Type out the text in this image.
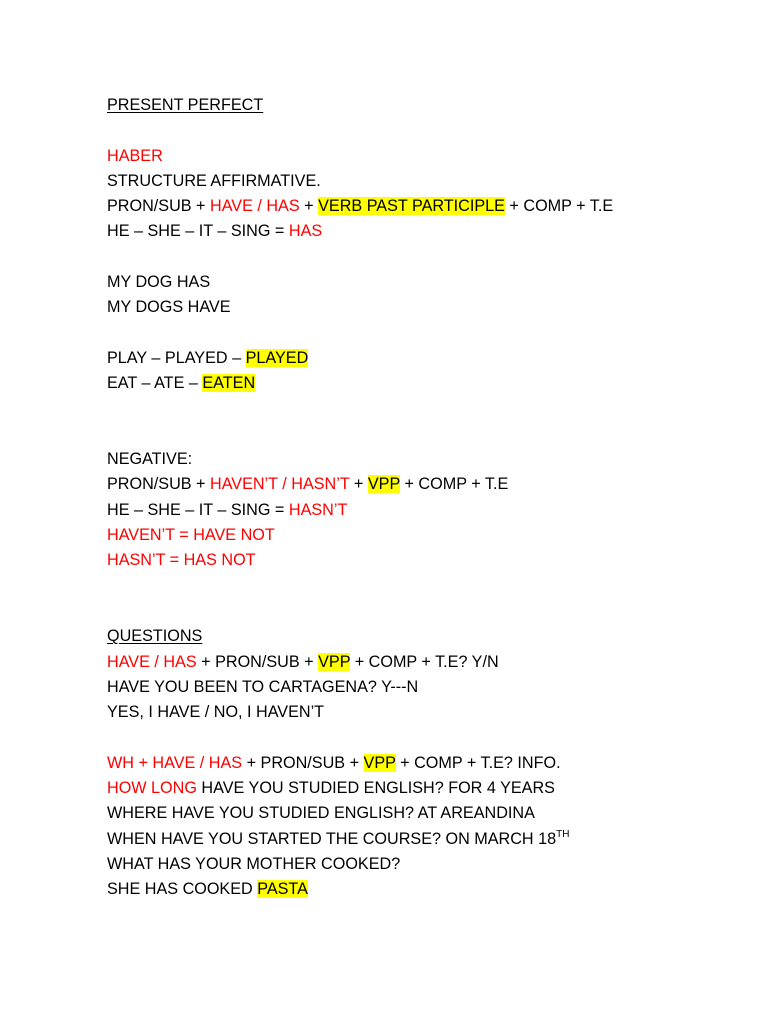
PRESENT PERFECT
HABER
STRUCTURE AFFIRMATIVE.
PRON/SUB + HAVE / HAS + VERB PAST PARTICIPLE + COMP + T.E
HE – SHE – IT – SING = HAS
MY DOG HAS
MY DOGS HAVE
PLAY – PLAYED – PLAYED
EAT – ATE – EATEN
NEGATIVE:
PRON/SUB + HAVEN’T / HASN’T + VPP + COMP + T.E
HE – SHE – IT – SING = HASN’T
HAVEN’T = HAVE NOT
HASN’T = HAS NOT
QUESTIONS
HAVE / HAS + PRON/SUB + VPP + COMP + T.E? Y/N
HAVE YOU BEEN TO CARTAGENA? Y---N
YES, I HAVE / NO, I HAVEN’T
WH + HAVE / HAS + PRON/SUB + VPP + COMP + T.E? INFO.
HOW LONG HAVE YOU STUDIED ENGLISH? FOR 4 YEARS
WHERE HAVE YOU STUDIED ENGLISH? AT AREANDINA
WHEN HAVE YOU STARTED THE COURSE? ON MARCH 18TH
WHAT HAS YOUR MOTHER COOKED?
SHE HAS COOKED PASTA
